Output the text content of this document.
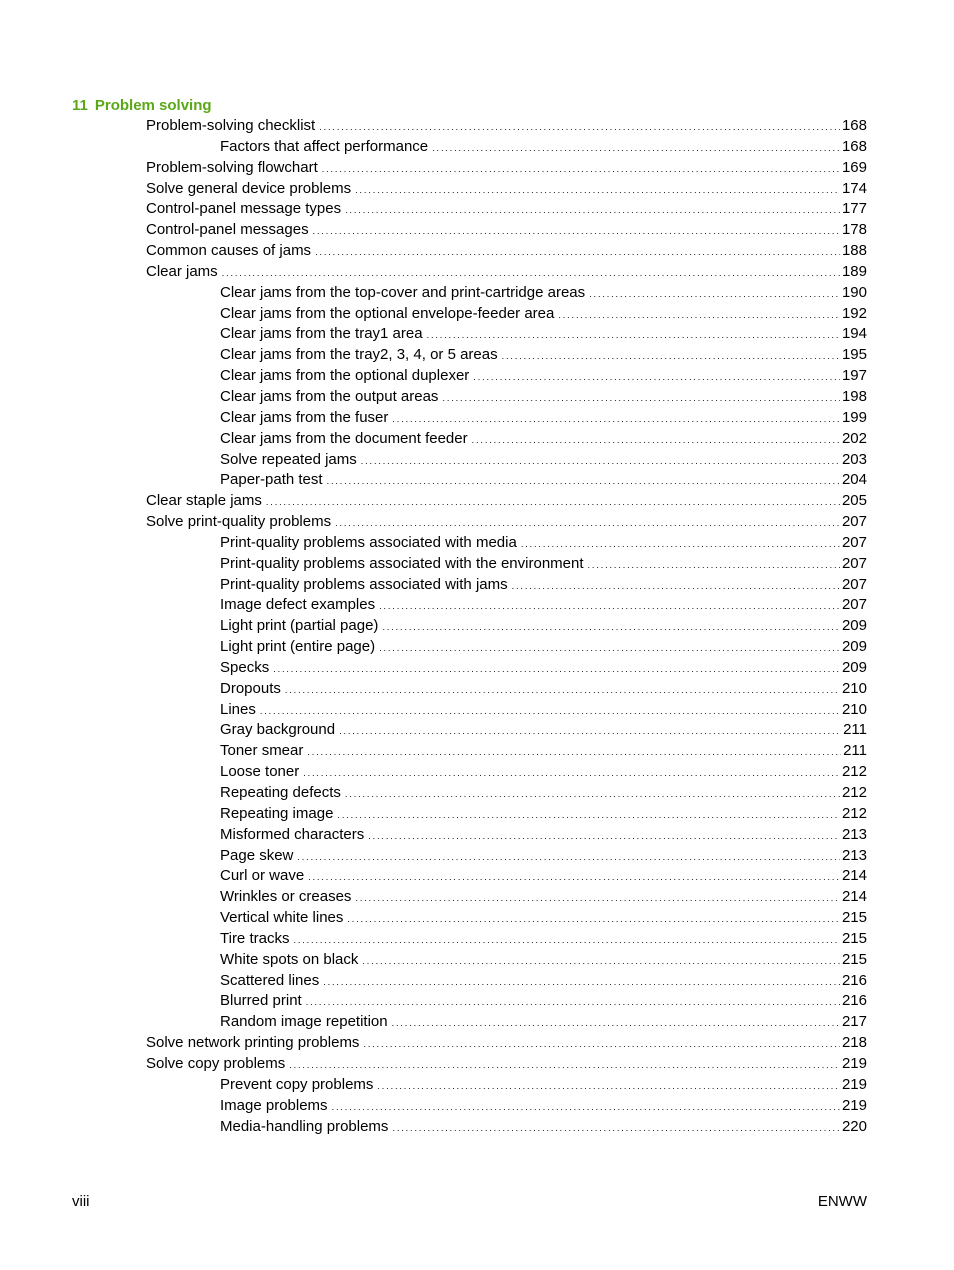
11 Problem solving
Problem-solving checklist . . .	168
Factors that affect performance . . .	168
Problem-solving flowchart . . .	169
Solve general device problems . . .	174
Control-panel message types . . .	177
Control-panel messages . . .	178
Common causes of jams . . .	188
Clear jams . . .	189
Clear jams from the top-cover and print-cartridge areas . . .	190
Clear jams from the optional envelope-feeder area . . .	192
Clear jams from the tray1 area . . .	194
Clear jams from the tray2, 3, 4, or 5 areas . . .	195
Clear jams from the optional duplexer . . .	197
Clear jams from the output areas . . .	198
Clear jams from the fuser . . .	199
Clear jams from the document feeder . . .	202
Solve repeated jams . . .	203
Paper-path test . . .	204
Clear staple jams . . .	205
Solve print-quality problems . . .	207
Print-quality problems associated with media . . .	207
Print-quality problems associated with the environment . . .	207
Print-quality problems associated with jams . . .	207
Image defect examples . . .	207
Light print (partial page) . . .	209
Light print (entire page) . . .	209
Specks . . .	209
Dropouts . . .	210
Lines . . .	210
Gray background . . .	211
Toner smear . . .	211
Loose toner . . .	212
Repeating defects . . .	212
Repeating image . . .	212
Misformed characters . . .	213
Page skew . . .	213
Curl or wave . . .	214
Wrinkles or creases . . .	214
Vertical white lines . . .	215
Tire tracks . . .	215
White spots on black . . .	215
Scattered lines . . .	216
Blurred print . . .	216
Random image repetition . . .	217
Solve network printing problems . . .	218
Solve copy problems . . .	219
Prevent copy problems . . .	219
Image problems . . .	219
Media-handling problems . . .	220
viii	ENWW
